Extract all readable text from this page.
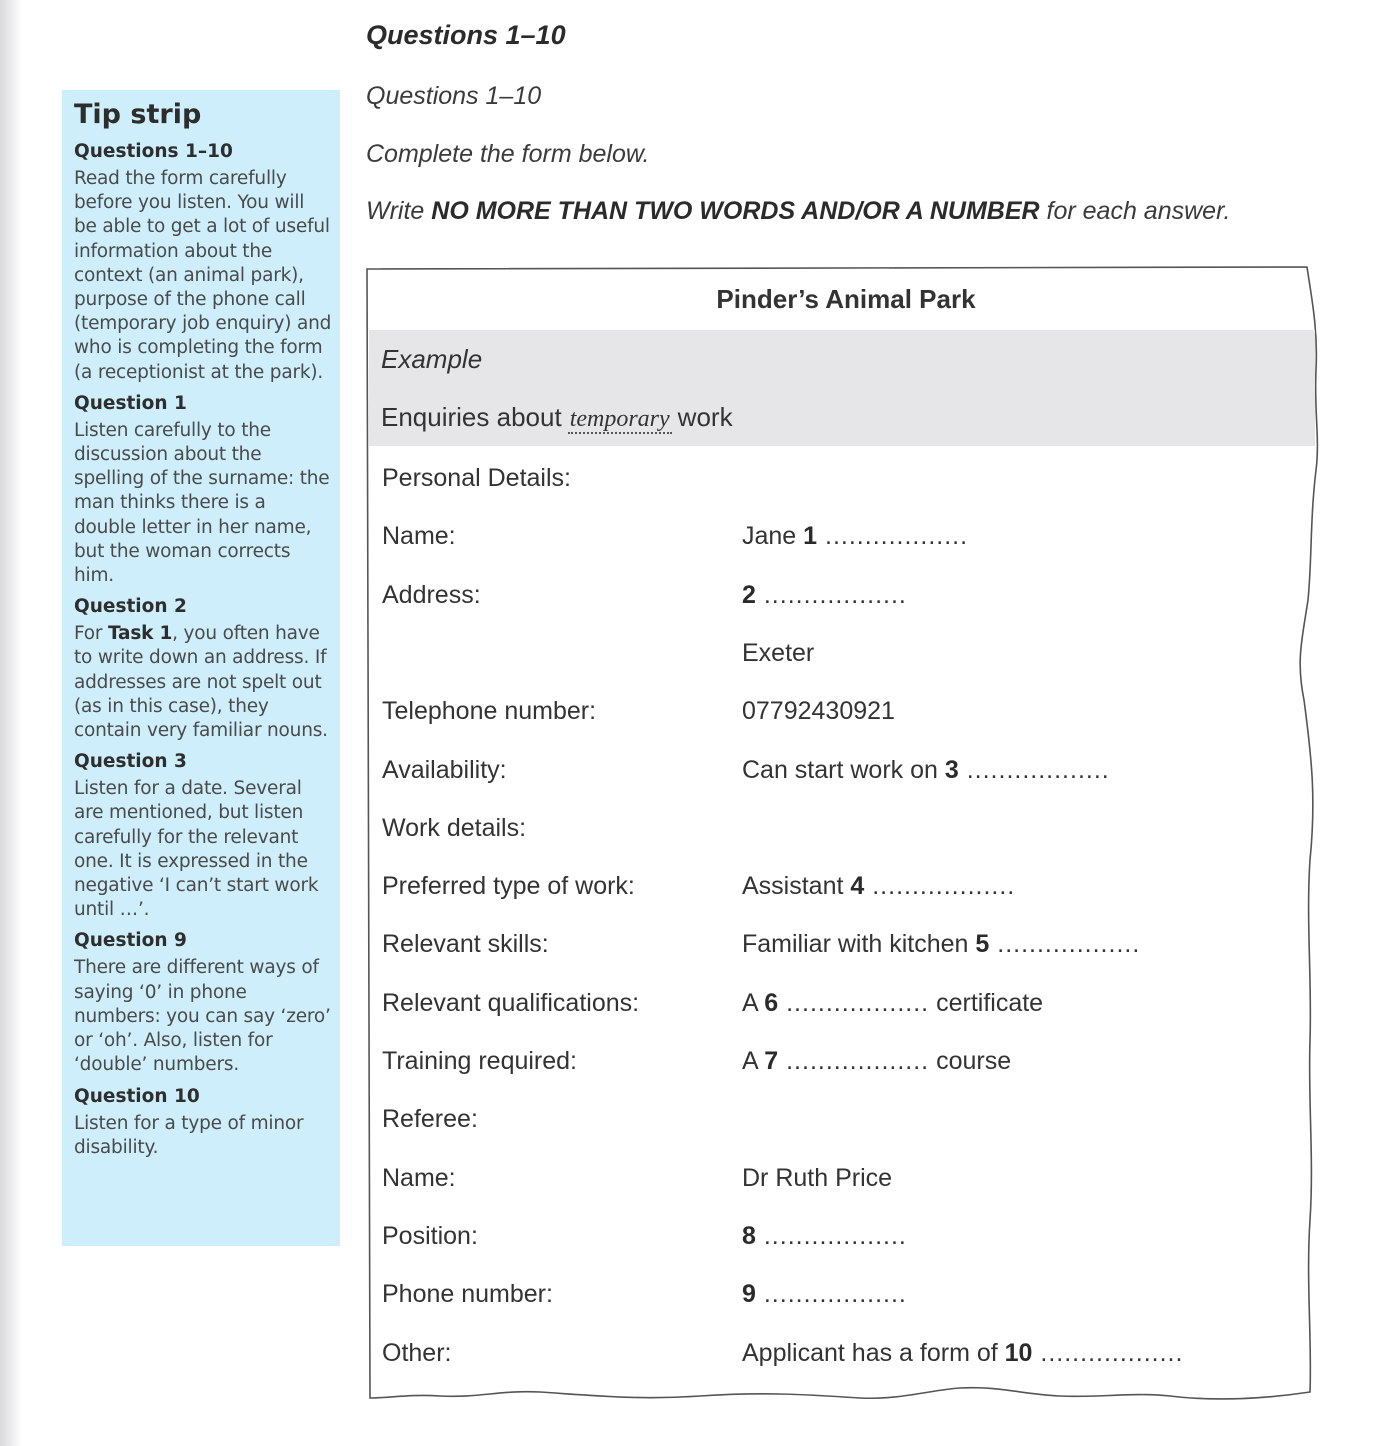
Tip strip
Questions 1–10
Read the form carefully before you listen. You will be able to get a lot of useful information about the context (an animal park), purpose of the phone call (temporary job enquiry) and who is completing the form (a receptionist at the park).
Question 1
Listen carefully to the discussion about the spelling of the surname: the man thinks there is a double letter in her name, but the woman corrects him.
Question 2
For Task 1, you often have to write down an address. If addresses are not spelt out (as in this case), they contain very familiar nouns.
Question 3
Listen for a date. Several are mentioned, but listen carefully for the relevant one. It is expressed in the negative ‘I can’t start work until …’.
Question 9
There are different ways of saying ‘0’ in phone numbers: you can say ‘zero’ or ‘oh’. Also, listen for ‘double’ numbers.
Question 10
Listen for a type of minor disability.
Questions 1–10
Questions 1–10
Complete the form below.
Write NO MORE THAN TWO WORDS AND/OR A NUMBER for each answer.
Pinder’s Animal Park
Example
Enquiries about temporary work
Personal Details:
Name:	Jane 1 ..................
Address:	2 ..................
Exeter
Telephone number:	07792430921
Availability:	Can start work on 3 ..................
Work details:
Preferred type of work:	Assistant 4 ..................
Relevant skills:	Familiar with kitchen 5 ..................
Relevant qualifications:	A 6 .................. certificate
Training required:	A 7 .................. course
Referee:
Name:	Dr Ruth Price
Position:	8 ..................
Phone number:	9 ..................
Other:	Applicant has a form of 10 ..................
